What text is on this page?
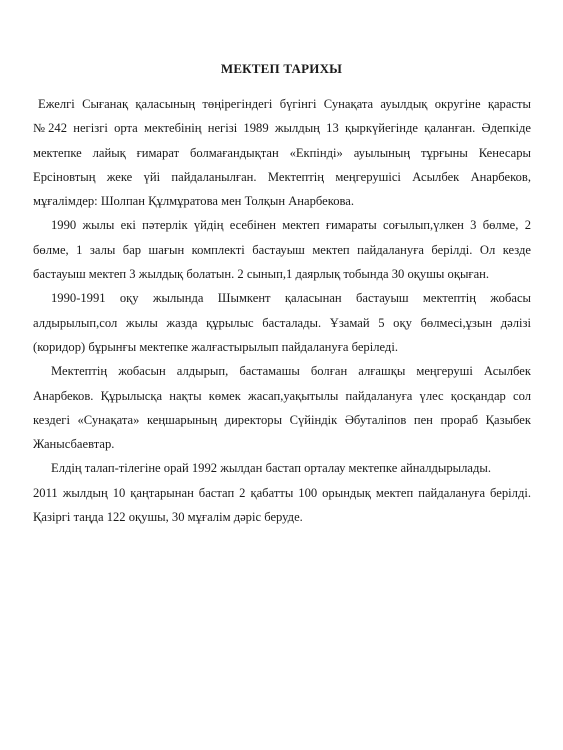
МЕКТЕП ТАРИХЫ

Ежелгі Сығанақ қаласының төңірегіндегі бүгінгі Сунақата ауылдық округіне қарасты №242 негізгі орта мектебінің негізі 1989 жылдың 13 қыркүйегінде қаланған. Әдепкіде мектепке лайық ғимарат болмағандықтан «Екпінді» ауылының тұрғыны Кенесары Ерсіновтың жеке үйі пайдаланылған. Мектептің меңгерушісі Асылбек Анарбеков, мұғалімдер: Шолпан Құлмұратова мен Толқын Анарбекова.

1990 жылы екі пәтерлік үйдің есебінен мектеп ғимараты соғылып,үлкен 3 бөлме, 2 бөлме, 1 залы бар шағын комплекті бастауыш мектеп пайдалануға берілді. Ол кезде бастауыш мектеп 3 жылдық болатын. 2 сынып,1 даярлық тобында 30 оқушы оқыған.

1990-1991 оқу жылында Шымкент қаласынан бастауыш мектептің жобасы алдырылып,сол жылы жазда құрылыс басталады. Ұзамай 5 оқу бөлмесі,ұзын дәлізі (коридор) бұрынғы мектепке жалғастырылып пайдалануға беріледі.

Мектептің жобасын алдырып, бастамашы болған алғашқы меңгеруші Асылбек Анарбеков. Құрылысқа нақты көмек жасап,уақытылы пайдалануға үлес қосқандар сол кездегі «Сунақата» кеңшарының директоры Сүйіндік Әбуталіпов пен прораб Қазыбек Жанысбаевтар.

Елдің талап-тілегіне орай 1992 жылдан бастап орталау мектепке айналдырылады.

2011 жылдың 10 қаңтарынан бастап 2 қабатты 100 орындық мектеп пайдалануға берілді. Қазіргі таңда 122 оқушы, 30 мұғалім дәріс беруде.
